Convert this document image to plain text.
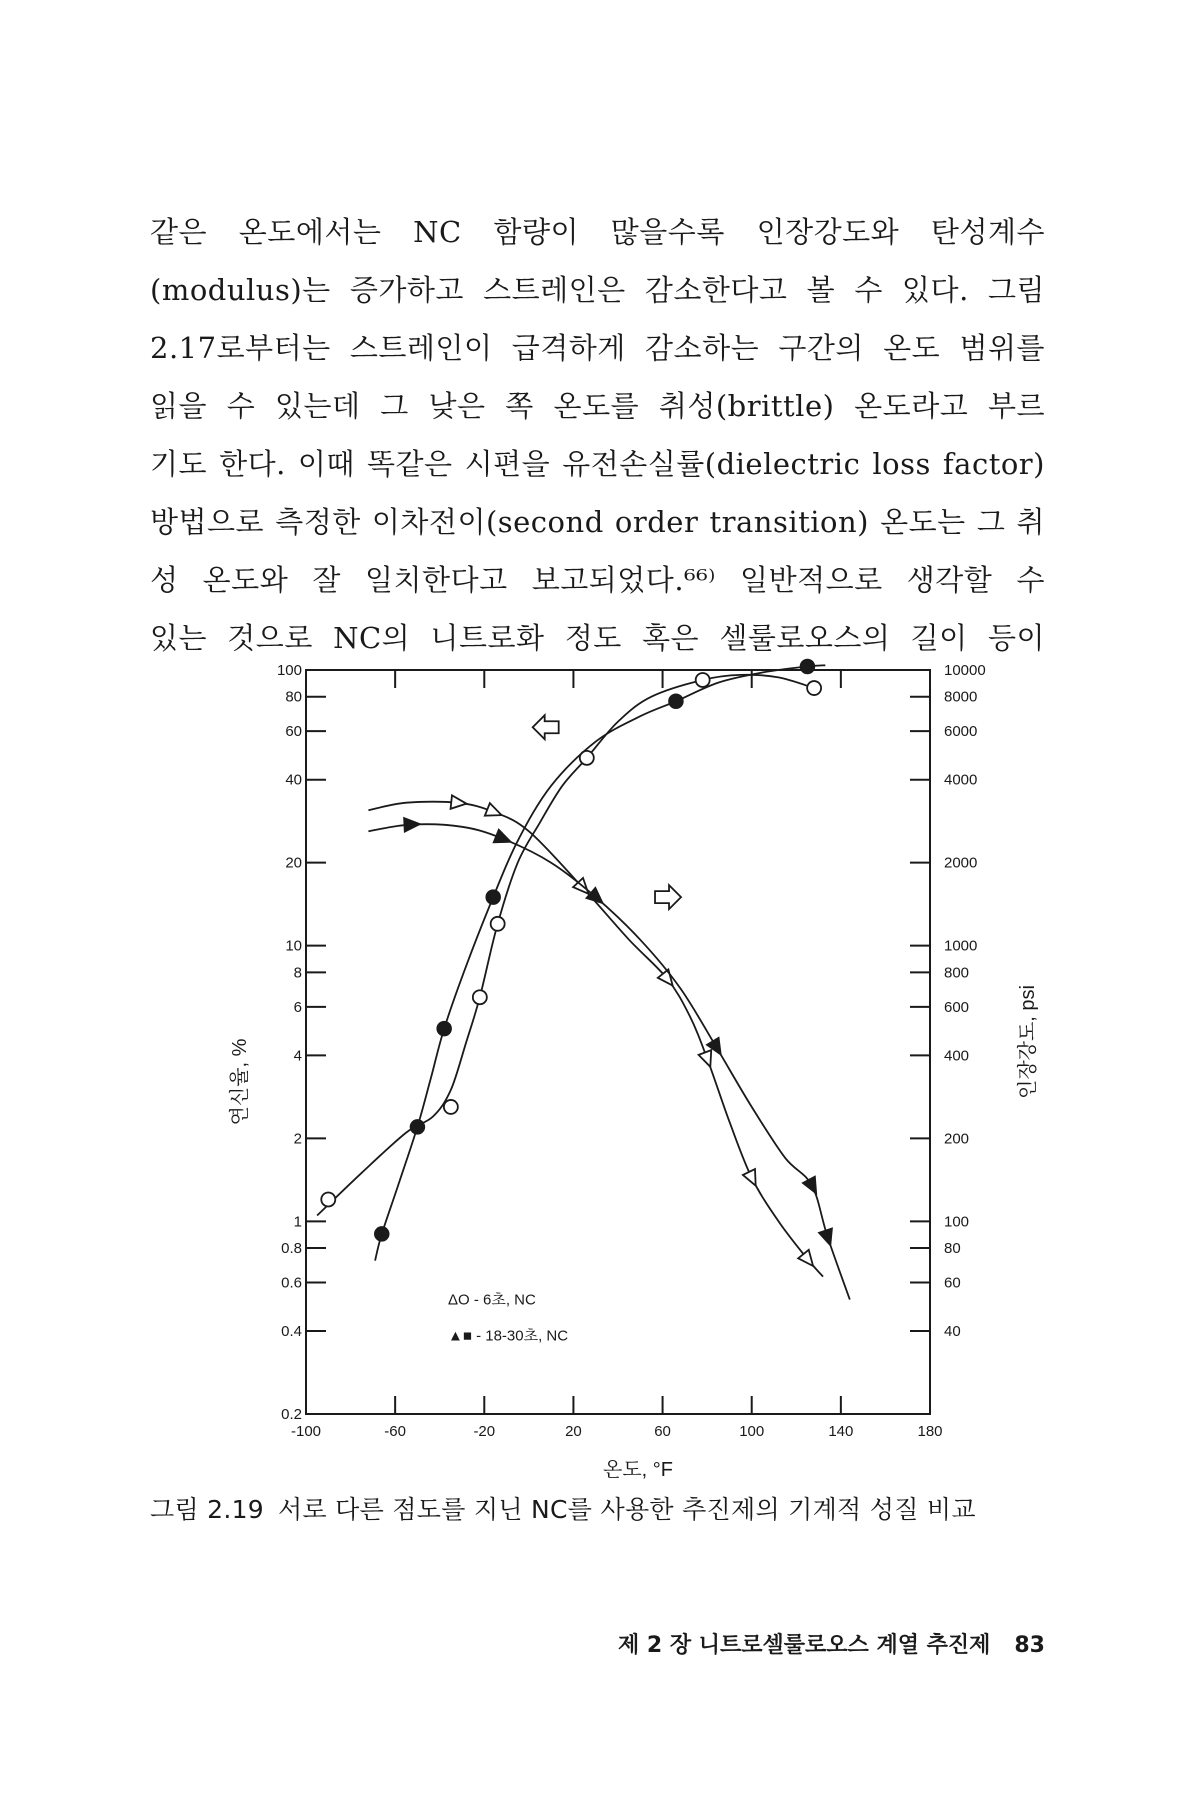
같은 온도에서는 NC 함량이 많을수록 인장강도와 탄성계수
(modulus)는 증가하고 스트레인은 감소한다고 볼 수 있다. 그림
2.17로부터는 스트레인이 급격하게 감소하는 구간의 온도 범위를
읽을 수 있는데 그 낮은 쪽 온도를 취성(brittle) 온도라고 부르
기도 한다. 이때 똑같은 시편을 유전손실률(dielectric loss factor)
방법으로 측정한 이차전이(second order transition) 온도는 그 취
성 온도와 잘 일치한다고 보고되었다.⁶⁶⁾ 일반적으로 생각할 수
있는 것으로 NC의 니트로화 정도 혹은 셀룰로오스의 길이 등이
100
80
60
40
20
10
8
6
4
2
1
0.8
0.6
0.4
0.2
10000
8000
6000
4000
2000
1000
800
600
400
200
100
80
60
40
-100	-60	-20	20	60	100	140	180
온도, °F
연신율, %	인장강도, psi
ΔO - 6초, NC
▲■ - 18-30초, NC
그림 2.19 서로 다른 점도를 지닌 NC를 사용한 추진제의 기계적 성질 비교
제 2 장 니트로셀룰로오스 계열 추진제 83
